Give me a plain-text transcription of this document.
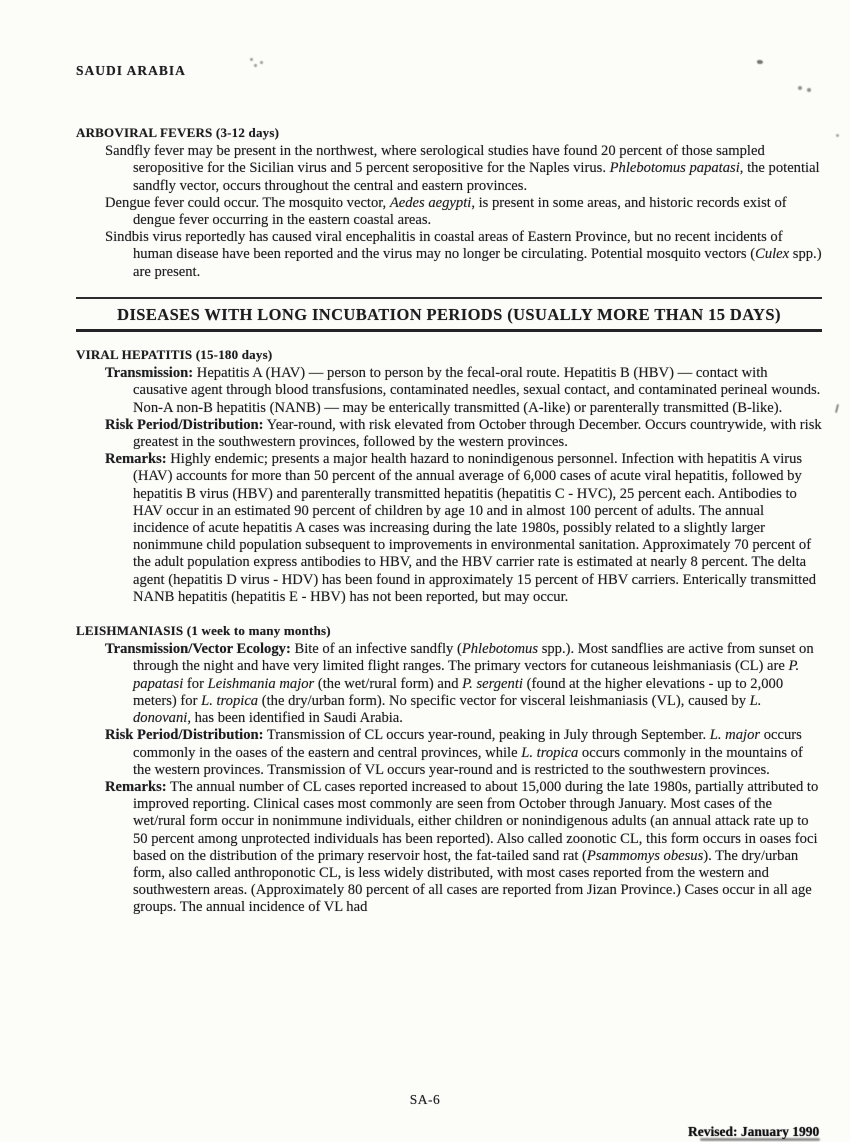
SAUDI ARABIA
ARBOVIRAL FEVERS (3-12 days)

Sandfly fever may be present in the northwest, where serological studies have found 20 percent of those sampled seropositive for the Sicilian virus and 5 percent seropositive for the Naples virus. Phlebotomus papatasi, the potential sandfly vector, occurs throughout the central and eastern provinces.

Dengue fever could occur. The mosquito vector, Aedes aegypti, is present in some areas, and historic records exist of dengue fever occurring in the eastern coastal areas.

Sindbis virus reportedly has caused viral encephalitis in coastal areas of Eastern Province, but no recent incidents of human disease have been reported and the virus may no longer be circulating. Potential mosquito vectors (Culex spp.) are present.

DISEASES WITH LONG INCUBATION PERIODS (USUALLY MORE THAN 15 DAYS)
VIRAL HEPATITIS (15-180 days)

Transmission: Hepatitis A (HAV) — person to person by the fecal-oral route. Hepatitis B (HBV) — contact with causative agent through blood transfusions, contaminated needles, sexual contact, and contaminated perineal wounds. Non-A non-B hepatitis (NANB) — may be enterically transmitted (A-like) or parenterally transmitted (B-like).

Risk Period/Distribution: Year-round, with risk elevated from October through December. Occurs countrywide, with risk greatest in the southwestern provinces, followed by the western provinces.

Remarks: Highly endemic; presents a major health hazard to nonindigenous personnel. Infection with hepatitis A virus (HAV) accounts for more than 50 percent of the annual average of 6,000 cases of acute viral hepatitis, followed by hepatitis B virus (HBV) and parenterally transmitted hepatitis (hepatitis C - HVC), 25 percent each. Antibodies to HAV occur in an estimated 90 percent of children by age 10 and in almost 100 percent of adults. The annual incidence of acute hepatitis A cases was increasing during the late 1980s, possibly related to a slightly larger nonimmune child population subsequent to improvements in environmental sanitation. Approximately 70 percent of the adult population express antibodies to HBV, and the HBV carrier rate is estimated at nearly 8 percent. The delta agent (hepatitis D virus - HDV) has been found in approximately 15 percent of HBV carriers. Enterically transmitted NANB hepatitis (hepatitis E - HBV) has not been reported, but may occur.

LEISHMANIASIS (1 week to many months)

Transmission/Vector Ecology: Bite of an infective sandfly (Phlebotomus spp.). Most sandflies are active from sunset on through the night and have very limited flight ranges. The primary vectors for cutaneous leishmaniasis (CL) are P. papatasi for Leishmania major (the wet/rural form) and P. sergenti (found at the higher elevations - up to 2,000 meters) for L. tropica (the dry/urban form). No specific vector for visceral leishmaniasis (VL), caused by L. donovani, has been identified in Saudi Arabia.

Risk Period/Distribution: Transmission of CL occurs year-round, peaking in July through September. L. major occurs commonly in the oases of the eastern and central provinces, while L. tropica occurs commonly in the mountains of the western provinces. Transmission of VL occurs year-round and is restricted to the southwestern provinces.

Remarks: The annual number of CL cases reported increased to about 15,000 during the late 1980s, partially attributed to improved reporting. Clinical cases most commonly are seen from October through January. Most cases of the wet/rural form occur in nonimmune individuals, either children or nonindigenous adults (an annual attack rate up to 50 percent among unprotected individuals has been reported). Also called zoonotic CL, this form occurs in oases foci based on the distribution of the primary reservoir host, the fat-tailed sand rat (Psammomys obesus). The dry/urban form, also called anthroponotic CL, is less widely distributed, with most cases reported from the western and southwestern areas. (Approximately 80 percent of all cases are reported from Jizan Province.) Cases occur in all age groups. The annual incidence of VL had

SA-6
Revised: January 1990
